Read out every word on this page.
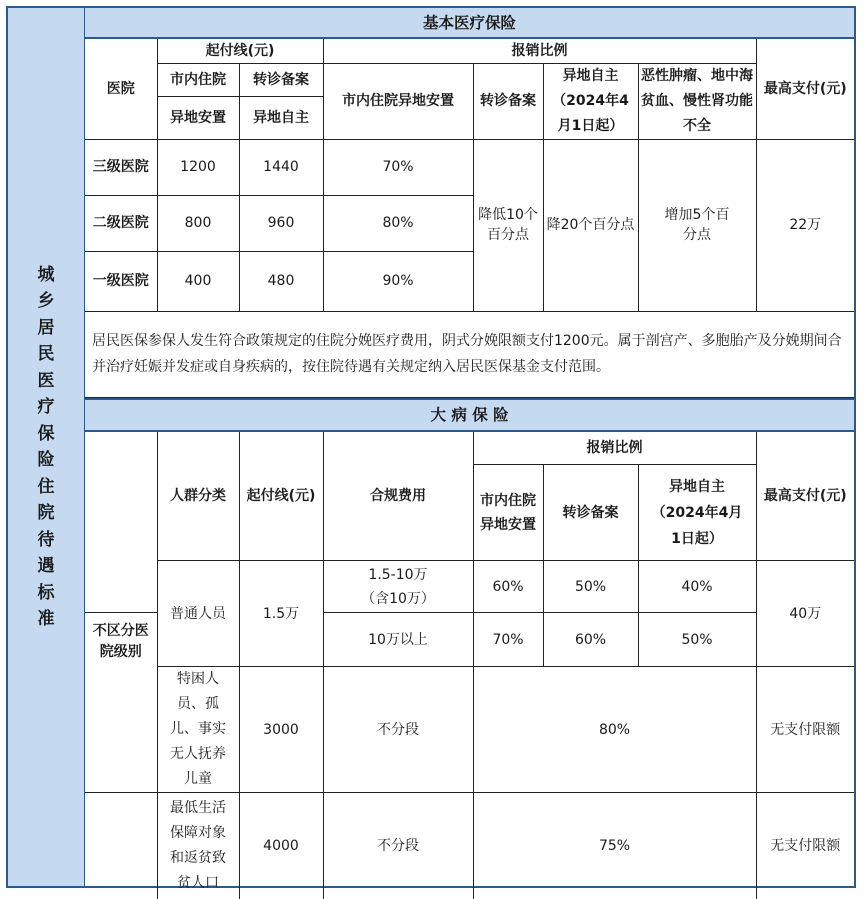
城乡居民医疗保险住院待遇标准
基本医疗保险							
医院	起付线(元)		报销比例				最高支付(元)
	市内住院	转诊备案	市内住院异地安置	转诊备案	异地自主（2024年4月1日起）	恶性肿瘤、地中海贫血、慢性肾功能不全	
	异地安置	异地自主					
三级医院	1200	1440	70%	降低10个百分点	降20个百分点	增加5个百分点	22万
二级医院	800	960	80%				
一级医院	400	480	90%				
居民医保参保人发生符合政策规定的住院分娩医疗费用，阴式分娩限额支付1200元。属于剖宫产、多胞胎产及分娩期间合并治疗妊娠并发症或自身疾病的，按住院待遇有关规定纳入居民医保基金支付范围。							
大 病 保 险							
	人群分类	起付线(元)	合规费用	报销比例			最高支付(元)
				市内住院异地安置	转诊备案	异地自主（2024年4月1日起）	
	普通人员	1.5万	1.5-10万（含10万）	60%	50%	40%	40万
不区分医院级别			10万以上	70%	60%	50%	
	特困人员、孤儿、事实无人抚养儿童	3000	不分段	80%			无支付限额
	最低生活保障对象和返贫致贫人口	4000	不分段	75%			无支付限额
